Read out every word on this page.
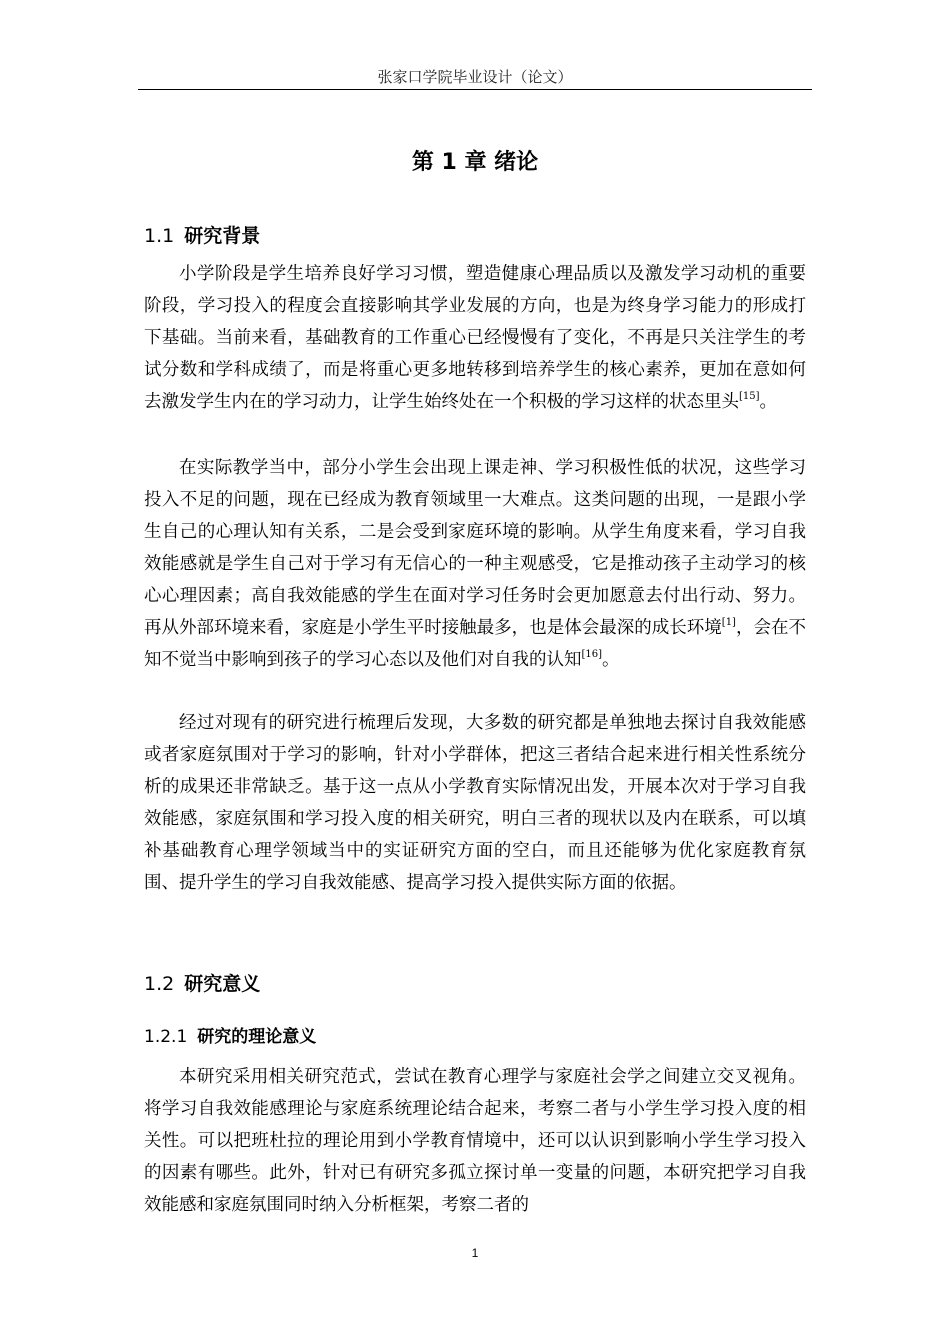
张家口学院毕业设计（论文）
第 1 章 绪论
1.1 研究背景

小学阶段是学生培养良好学习习惯，塑造健康心理品质以及激发学习动机的重要阶段，学习投入的程度会直接影响其学业发展的方向，也是为终身学习能力的形成打下基础。当前来看，基础教育的工作重心已经慢慢有了变化，不再是只关注学生的考试分数和学科成绩了，而是将重心更多地转移到培养学生的核心素养，更加在意如何去激发学生内在的学习动力，让学生始终处在一个积极的学习这样的状态里头[15]。

在实际教学当中，部分小学生会出现上课走神、学习积极性低的状况，这些学习投入不足的问题，现在已经成为教育领域里一大难点。这类问题的出现，一是跟小学生自己的心理认知有关系，二是会受到家庭环境的影响。从学生角度来看，学习自我效能感就是学生自己对于学习有无信心的一种主观感受，它是推动孩子主动学习的核心心理因素；高自我效能感的学生在面对学习任务时会更加愿意去付出行动、努力。再从外部环境来看，家庭是小学生平时接触最多，也是体会最深的成长环境[1]，会在不知不觉当中影响到孩子的学习心态以及他们对自我的认知[16]。

经过对现有的研究进行梳理后发现，大多数的研究都是单独地去探讨自我效能感或者家庭氛围对于学习的影响，针对小学群体，把这三者结合起来进行相关性系统分析的成果还非常缺乏。基于这一点从小学教育实际情况出发，开展本次对于学习自我效能感，家庭氛围和学习投入度的相关研究，明白三者的现状以及内在联系，可以填补基础教育心理学领域当中的实证研究方面的空白，而且还能够为优化家庭教育氛围、提升学生的学习自我效能感、提高学习投入提供实际方面的依据。

1.2 研究意义
1.2.1 研究的理论意义

本研究采用相关研究范式，尝试在教育心理学与家庭社会学之间建立交叉视角。将学习自我效能感理论与家庭系统理论结合起来，考察二者与小学生学习投入度的相关性。可以把班杜拉的理论用到小学教育情境中，还可以认识到影响小学生学习投入的因素有哪些。此外，针对已有研究多孤立探讨单一变量的问题，本研究把学习自我效能感和家庭氛围同时纳入分析框架，考察二者的

1
